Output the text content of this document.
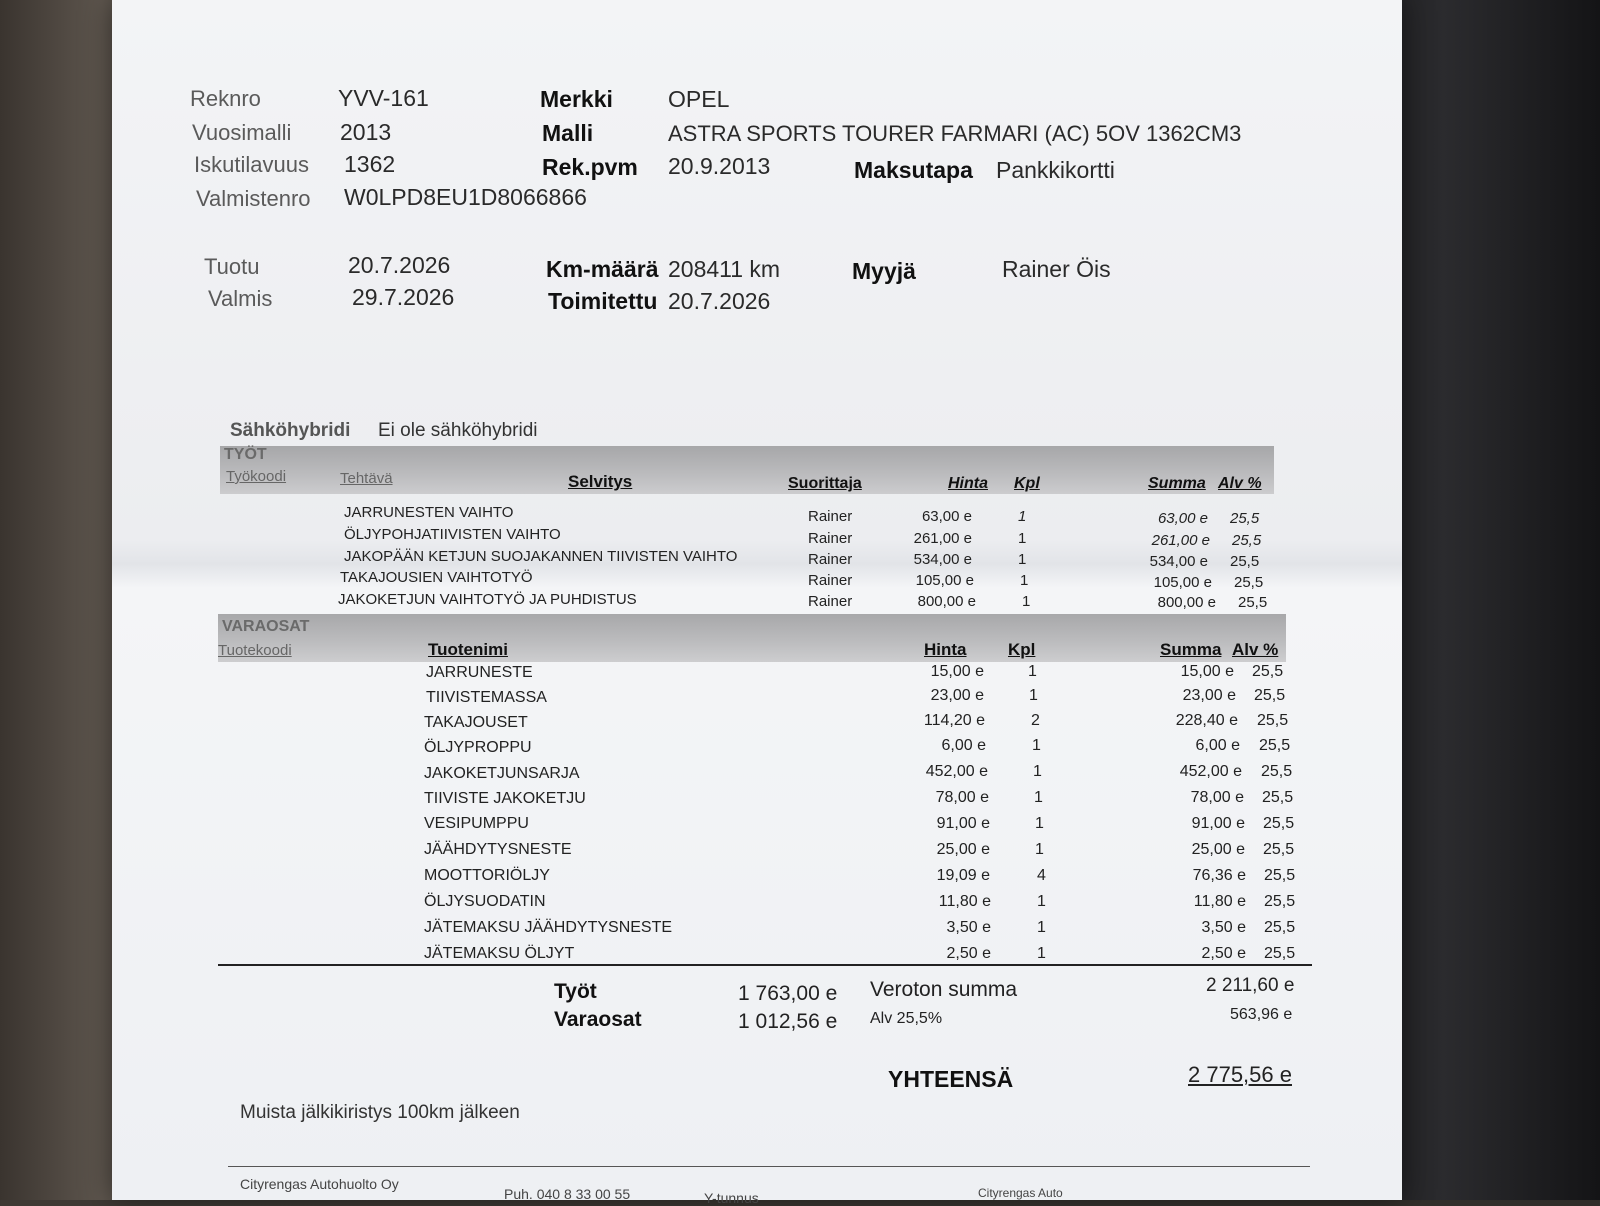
Reknro	YVV-161
Vuosimalli 2013
Iskutilavuus 1362
Valmistenro W0LPD8EU1D8066866
Merkki OPEL
Malli	ASTRA SPORTS TOURER FARMARI (AC) 5OV 1362CM3
Rek.pvm 20.9.2013	Maksutapa Pankkikortti
Tuotu	20.7.2026
Valmis	29.7.2026
Km-määrä 208411 km
Toimitettu 20.7.2026
Myyjä	Rainer Öis
Sähköhybridi Ei ole sähköhybridi
TYÖT
Työkoodi	Tehtävä	Selvitys	Suorittaja	Hinta Kpl	Summa Alv %
JARRUNESTEN VAIHTO	Rainer	63,00 e	1	63,00 e 25,5
ÖLJYPOHJATIIVISTEN VAIHTO	Rainer	261,00 e	1	261,00 e 25,5
JAKOPÄÄN KETJUN SUOJAKANNEN TIIVISTEN VAIHTO	Rainer	534,00 e	1	534,00 e 25,5
TAKAJOUSIEN VAIHTOTYÖ	Rainer	105,00 e	1	105,00 e 25,5
JAKOKETJUN VAIHTOTYÖ JA PUHDISTUS	Rainer	800,00 e	1	800,00 e 25,5
VARAOSAT
Tuotekoodi	Tuotenimi	Hinta Kpl	Summa Alv %
JARRUNESTE	15,00 e	1	15,00 e 25,5
TIIVISTEMASSA	23,00 e	1	23,00 e 25,5
TAKAJOUSET	114,20 e	2	228,40 e 25,5
ÖLJYPROPPU	6,00 e	1	6,00 e 25,5
JAKOKETJUNSARJA	452,00 e	1	452,00 e 25,5
TIIVISTE JAKOKETJU	78,00 e	1	78,00 e 25,5
VESIPUMPPU	91,00 e	1	91,00 e 25,5
JÄÄHDYTYSNESTE	25,00 e	1	25,00 e 25,5
MOOTTORIÖLJY	19,09 e	4	76,36 e 25,5
ÖLJYSUODATIN	11,80 e	1	11,80 e 25,5
JÄTEMAKSU JÄÄHDYTYSNESTE	3,50 e	1	3,50 e 25,5
JÄTEMAKSU ÖLJYT	2,50 e	1	2,50 e 25,5
Työt	1 763,00 e
Varaosat	1 012,56 e
Veroton summa	2 211,60 e
Alv 25,5%	563,96 e
YHTEENSÄ	2 775,56 e
Muista jälkikiristys 100km jälkeen
Cityrengas Autohuolto Oy
Puh. 040 8 33 00 55	Y-tunnus	Cityrengas Auto
